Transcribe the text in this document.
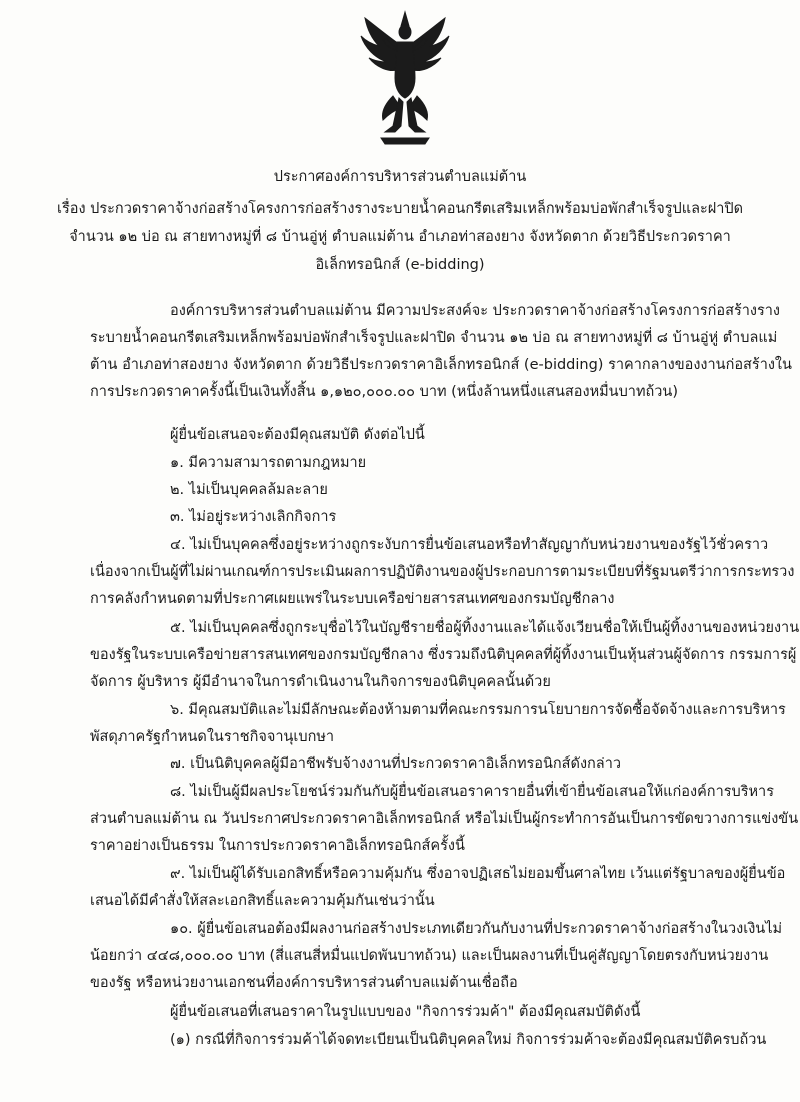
ประกาศองค์การบริหารส่วนตำบลแม่ต้าน
เรื่อง ประกวดราคาจ้างก่อสร้างโครงการก่อสร้างรางระบายน้ำคอนกรีตเสริมเหล็กพร้อมบ่อพักสำเร็จรูปและฝาปิด
จำนวน ๑๒ บ่อ ณ สายทางหมู่ที่ ๘ บ้านอู่หู่ ตำบลแม่ต้าน อำเภอท่าสองยาง จังหวัดตาก ด้วยวิธีประกวดราคา
อิเล็กทรอนิกส์ (e-bidding)
องค์การบริหารส่วนตำบลแม่ต้าน มีความประสงค์จะ ประกวดราคาจ้างก่อสร้างโครงการก่อสร้างราง
ระบายน้ำคอนกรีตเสริมเหล็กพร้อมบ่อพักสำเร็จรูปและฝาปิด จำนวน ๑๒ บ่อ ณ สายทางหมู่ที่ ๘ บ้านอู่หู่ ตำบลแม่
ต้าน อำเภอท่าสองยาง จังหวัดตาก ด้วยวิธีประกวดราคาอิเล็กทรอนิกส์ (e-bidding) ราคากลางของงานก่อสร้างใน
การประกวดราคาครั้งนี้เป็นเงินทั้งสิ้น ๑,๑๒๐,๐๐๐.๐๐ บาท (หนึ่งล้านหนึ่งแสนสองหมื่นบาทถ้วน)
ผู้ยื่นข้อเสนอจะต้องมีคุณสมบัติ ดังต่อไปนี้
๑. มีความสามารถตามกฎหมาย
๒. ไม่เป็นบุคคลล้มละลาย
๓. ไม่อยู่ระหว่างเลิกกิจการ
๔. ไม่เป็นบุคคลซึ่งอยู่ระหว่างถูกระงับการยื่นข้อเสนอหรือทำสัญญากับหน่วยงานของรัฐไว้ชั่วคราว
เนื่องจากเป็นผู้ที่ไม่ผ่านเกณฑ์การประเมินผลการปฏิบัติงานของผู้ประกอบการตามระเบียบที่รัฐมนตรีว่าการกระทรวง
การคลังกำหนดตามที่ประกาศเผยแพร่ในระบบเครือข่ายสารสนเทศของกรมบัญชีกลาง
๕. ไม่เป็นบุคคลซึ่งถูกระบุชื่อไว้ในบัญชีรายชื่อผู้ทิ้งงานและได้แจ้งเวียนชื่อให้เป็นผู้ทิ้งงานของหน่วยงาน
ของรัฐในระบบเครือข่ายสารสนเทศของกรมบัญชีกลาง ซึ่งรวมถึงนิติบุคคลที่ผู้ทิ้งงานเป็นหุ้นส่วนผู้จัดการ กรรมการผู้
จัดการ ผู้บริหาร ผู้มีอำนาจในการดำเนินงานในกิจการของนิติบุคคลนั้นด้วย
๖. มีคุณสมบัติและไม่มีลักษณะต้องห้ามตามที่คณะกรรมการนโยบายการจัดซื้อจัดจ้างและการบริหาร
พัสดุภาครัฐกำหนดในราชกิจจานุเบกษา
๗. เป็นนิติบุคคลผู้มีอาชีพรับจ้างงานที่ประกวดราคาอิเล็กทรอนิกส์ดังกล่าว
๘. ไม่เป็นผู้มีผลประโยชน์ร่วมกันกับผู้ยื่นข้อเสนอราคารายอื่นที่เข้ายื่นข้อเสนอให้แก่องค์การบริหาร
ส่วนตำบลแม่ต้าน ณ วันประกาศประกวดราคาอิเล็กทรอนิกส์ หรือไม่เป็นผู้กระทำการอันเป็นการขัดขวางการแข่งขัน
ราคาอย่างเป็นธรรม ในการประกวดราคาอิเล็กทรอนิกส์ครั้งนี้
๙. ไม่เป็นผู้ได้รับเอกสิทธิ์หรือความคุ้มกัน ซึ่งอาจปฏิเสธไม่ยอมขึ้นศาลไทย เว้นแต่รัฐบาลของผู้ยื่นข้อ
เสนอได้มีคำสั่งให้สละเอกสิทธิ์และความคุ้มกันเช่นว่านั้น
๑๐. ผู้ยื่นข้อเสนอต้องมีผลงานก่อสร้างประเภทเดียวกันกับงานที่ประกวดราคาจ้างก่อสร้างในวงเงินไม่
น้อยกว่า ๔๔๘,๐๐๐.๐๐ บาท (สี่แสนสี่หมื่นแปดพันบาทถ้วน) และเป็นผลงานที่เป็นคู่สัญญาโดยตรงกับหน่วยงาน
ของรัฐ หรือหน่วยงานเอกชนที่องค์การบริหารส่วนตำบลแม่ต้านเชื่อถือ
ผู้ยื่นข้อเสนอที่เสนอราคาในรูปแบบของ "กิจการร่วมค้า" ต้องมีคุณสมบัติดังนี้
(๑) กรณีที่กิจการร่วมค้าได้จดทะเบียนเป็นนิติบุคคลใหม่ กิจการร่วมค้าจะต้องมีคุณสมบัติครบถ้วน
